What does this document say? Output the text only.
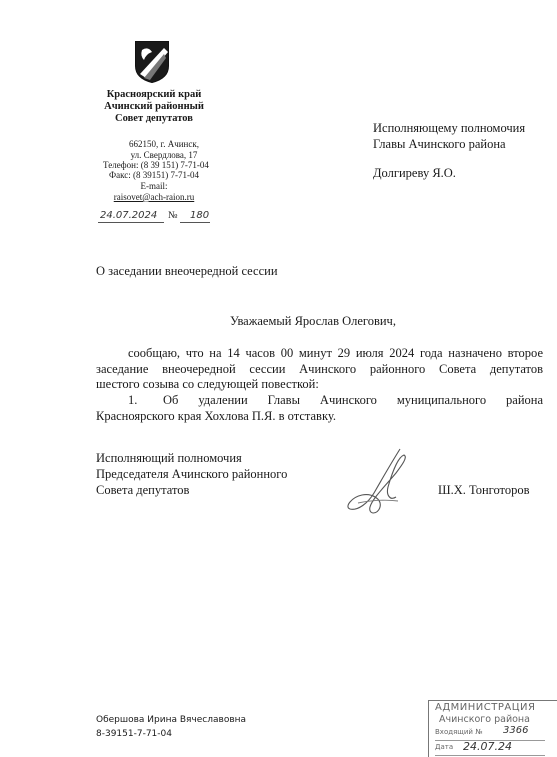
Красноярский край
Ачинский районный
Совет депутатов
662150, г. Ачинск,
ул. Свердлова, 17
Телефон: (8 39 151) 7-71-04
Факс: (8 39151) 7-71-04
E-mail:
raisovet@ach-raion.ru
24.07.2024 № 180
Исполняющему полномочия
Главы Ачинского района
Долгиреву Я.О.
О заседании внеочередной сессии
Уважаемый Ярослав Олегович,
сообщаю, что на 14 часов 00 минут 29 июля 2024 года назначено второе
заседание внеочередной сессии Ачинского районного Совета депутатов
шестого созыва со следующей повесткой:
1. Об удалении Главы Ачинского муниципального района
Красноярского края Хохлова П.Я. в отставку.
Исполняющий полномочия
Председателя Ачинского районного
Совета депутатов	Ш.Х. Тонготоров
Обершова Ирина Вячеславовна
8-39151-7-71-04
АДМИНИСТРАЦИЯ
Ачинского района
Входящий № 3366
Дата 24.07.24
